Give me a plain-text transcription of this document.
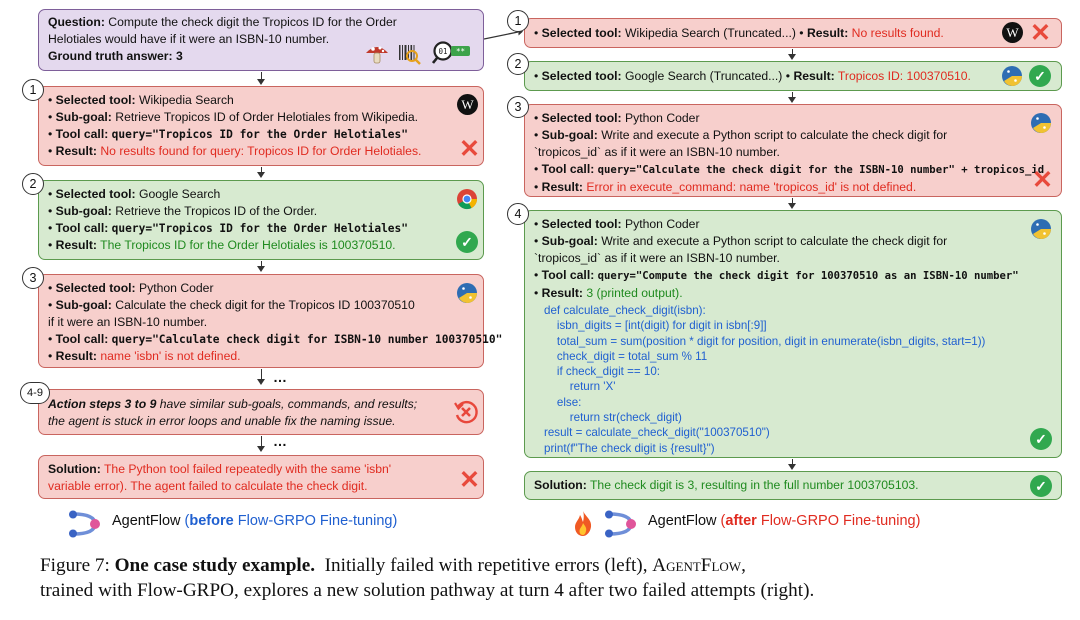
Question: Compute the check digit the Tropicos ID for the Order
Helotiales would have if it were an ISBN-10 number.
Ground truth answer: 3	01 **
• Selected tool: Wikipedia Search
• Sub-goal: Retrieve Tropicos ID of Order Helotiales from Wikipedia.
• Tool call: query="Tropicos ID for the Order Helotiales"
• Result: No results found for query: Tropicos ID for Order Helotiales.
W
✕
1
• Selected tool: Google Search
• Sub-goal: Retrieve the Tropicos ID of the Order.
• Tool call: query="Tropicos ID for the Order Helotiales"
• Result: The Tropicos ID for the Order Helotiales is 100370510.	✓
2
• Selected tool: Python Coder
• Sub-goal: Calculate the check digit for the Tropicos ID 100370510
if it were an ISBN-10 number.
• Tool call: query="Calculate check digit for ISBN-10 number 100370510"
• Result: name 'isbn' is not defined.
3
…
Action steps 3 to 9 have similar sub-goals, commands, and results;
the agent is stuck in error loops and unable fix the naming issue.
4-9
…
Solution: The Python tool failed repeatedly with the same 'isbn'
variable error). The agent failed to calculate the check digit.	✕
AgentFlow (before Flow-GRPO Fine-tuning)
• Selected tool: Wikipedia Search (Truncated...) • Result: No results found.	W ✕
1
• Selected tool: Google Search (Truncated...) • Result: Tropicos ID: 100370510.	✓
2
• Selected tool: Python Coder
• Sub-goal: Write and execute a Python script to calculate the check digit for
`tropicos_id` as if it were an ISBN-10 number.
• Tool call: query="Calculate the check digit for the ISBN-10 number" + tropicos_id
• Result: Error in execute_command: name 'tropicos_id' is not defined.	✕
3
• Selected tool: Python Coder
• Sub-goal: Write and execute a Python script to calculate the check digit for
`tropicos_id` as if it were an ISBN-10 number.
• Tool call: query="Compute the check digit for 100370510 as an ISBN-10 number"
• Result: 3 (printed output).
def calculate_check_digit(isbn):
isbn_digits = [int(digit) for digit in isbn[:9]]
total_sum = sum(position * digit for position, digit in enumerate(isbn_digits, start=1))
check_digit = total_sum % 11
if check_digit == 10:
return 'X'
else:
return str(check_digit)
result = calculate_check_digit("100370510")
print(f"The check digit is {result}")
✓
4
Solution: The check digit is 3, resulting in the full number 1003705103.	✓
AgentFlow (after Flow-GRPO Fine-tuning)
Figure 7: One case study example. Initially failed with repetitive errors (left), AgentFlow,
trained with Flow-GRPO, explores a new solution pathway at turn 4 after two failed attempts (right).
